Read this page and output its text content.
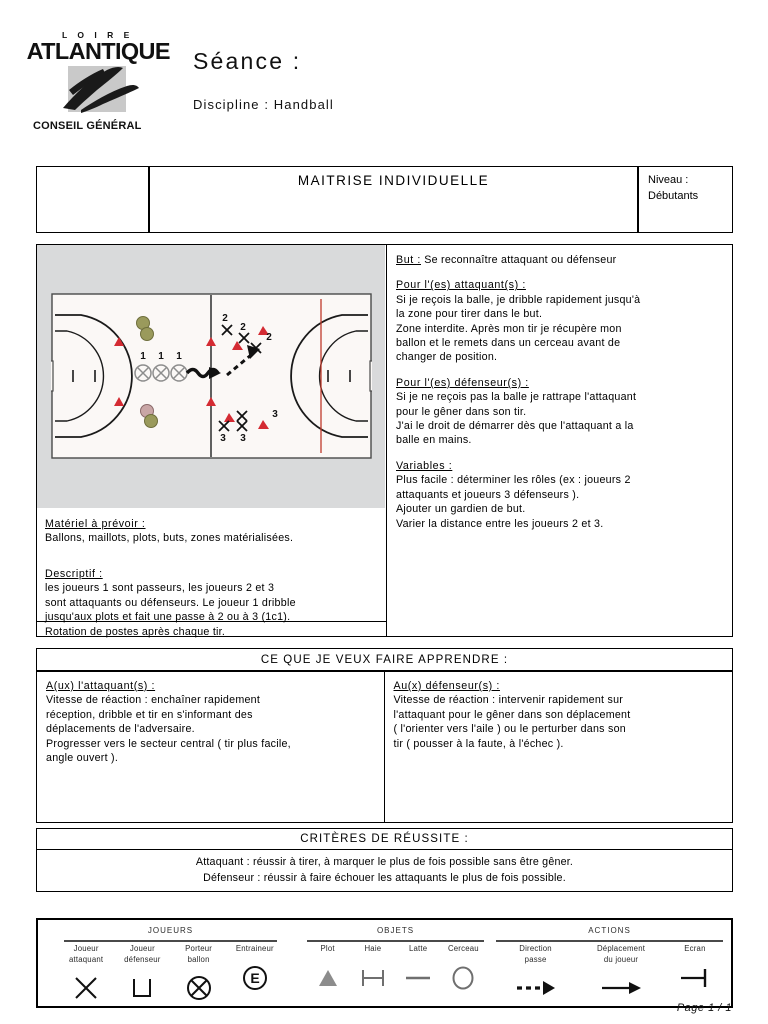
L O I R E
ATLANTIQUE
CONSEIL GÉNÉRAL
Séance :
Discipline : Handball
MAITRISE INDIVIDUELLE	Niveau :
Débutants
1 1 1
2
2
2
3 3
3
Matériel à prévoir :
Ballons, maillots, plots, buts, zones matérialisées.
Descriptif :
les joueurs 1 sont passeurs, les joueurs 2 et 3
sont attaquants ou défenseurs. Le joueur 1 dribble
jusqu'aux plots et fait une passe à 2 ou à 3 (1c1).
Rotation de postes après chaque tir.
But : Se reconnaître attaquant ou défenseur
Pour l'(es) attaquant(s) :
Si je reçois la balle, je dribble rapidement jusqu'à
la zone pour tirer dans le but.
Zone interdite. Après mon tir je récupère mon
ballon et le remets dans un cerceau avant de
changer de position.
Pour l'(es) défenseur(s) :
Si je ne reçois pas la balle je rattrape l'attaquant
pour le gêner dans son tir.
J'ai le droit de démarrer dès que l'attaquant a la
balle en mains.
Variables :
Plus facile : déterminer les rôles (ex : joueurs 2
attaquants et joueurs 3 défenseurs ).
Ajouter un gardien de but.
Varier la distance entre les joueurs 2 et 3.
CE QUE JE VEUX FAIRE APPRENDRE :
A(ux) l'attaquant(s) :
Vitesse de réaction : enchaîner rapidement
réception, dribble et tir en s'informant des
déplacements de l'adversaire.
Progresser vers le secteur central ( tir plus facile,
angle ouvert ).
Au(x) défenseur(s) :
Vitesse de réaction : intervenir rapidement sur
l'attaquant pour le gêner dans son déplacement
( l'orienter vers l'aile ) ou le perturber dans son
tir ( pousser à la faute, à l'échec ).
CRITÈRES DE RÉUSSITE :
Attaquant : réussir à tirer, à marquer le plus de fois possible sans être gêner.
Défenseur : réussir à faire échouer les attaquants le plus de fois possible.
JOUEURS
Joueur
attaquant
Joueur
défenseur
Porteur
ballon
Entraineur
E
OBJETS
Plot	Haie	Latte	Cerceau
ACTIONS
Direction
passe
Déplacement
du joueur
Ecran
Page 1 / 1
